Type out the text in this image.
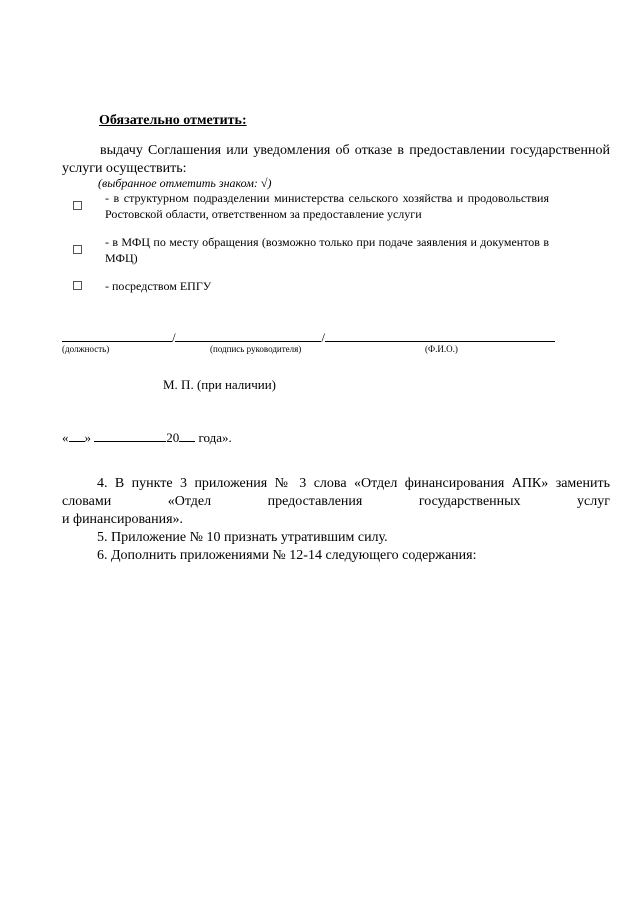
Обязательно отметить:
выдачу Соглашения или уведомления об отказе в предоставлении государственной услуги осуществить:
(выбранное отметить знаком: √)
- в структурном подразделении министерства сельского хозяйства и продовольствия Ростовской области, ответственном за предоставление услуги
- в МФЦ по месту обращения (возможно только при подаче заявления и документов в МФЦ)
- посредством ЕПГУ
/	/
(должность)	(подпись руководителя)	(Ф.И.О.)
М. П. (при наличии)
« »	20 года».
4. В пункте 3 приложения № 3 слова «Отдел финансирования АПК» заменить
словами «Отдел предоставления государственных услуг
и финансирования».
5. Приложение № 10 признать утратившим силу.
6. Дополнить приложениями № 12-14 следующего содержания:
